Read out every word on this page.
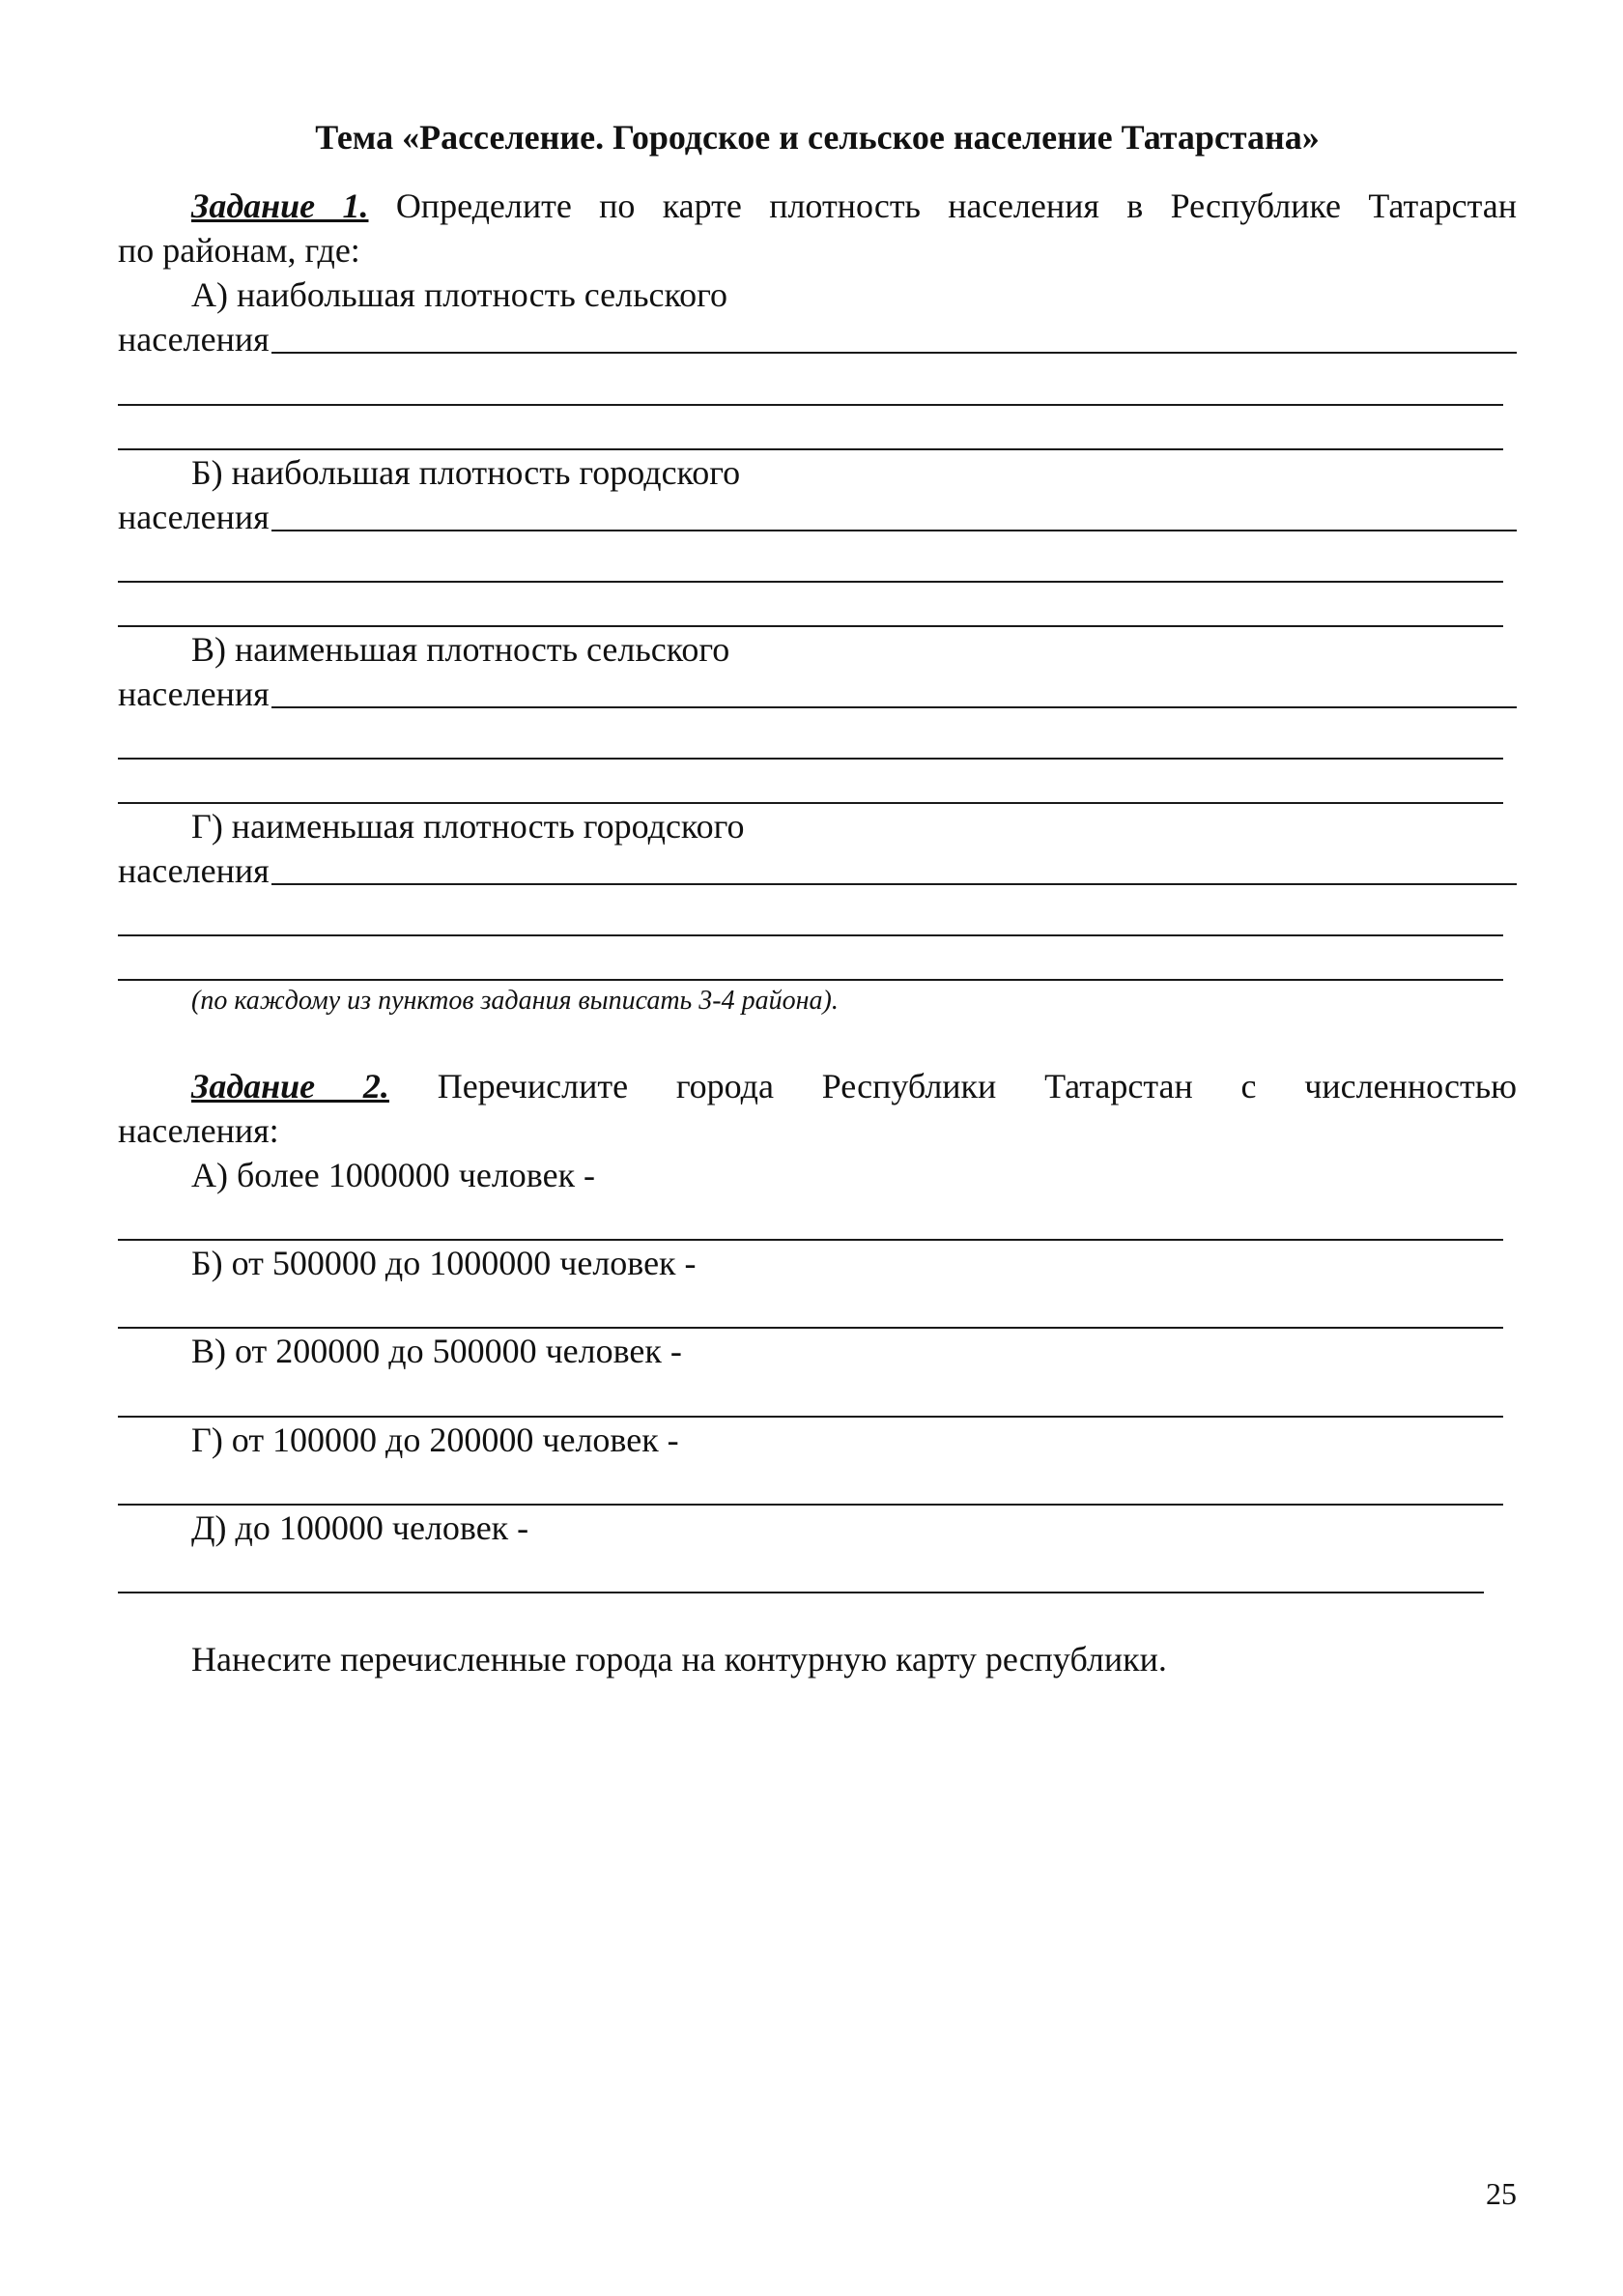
Тема «Расселение. Городское и сельское население Татарстана»
Задание 1. Определите по карте плотность населения в Республике Татарстан
по районам, где:
А) наибольшая плотность сельского
населения
Б) наибольшая плотность городского
населения
В) наименьшая плотность сельского
населения
Г) наименьшая плотность городского
населения
(по каждому из пунктов задания выписать 3-4 района).
Задание 2. Перечислите городa Республики Татарстан с численностью
населения:
А) более 1000000 человек -
Б) от 500000 до 1000000 человек -
В) от 200000 до 500000 человек -
Г) от 100000 до 200000 человек -
Д) до 100000 человек -
Нанесите перечисленные города на контурную карту республики.
25
